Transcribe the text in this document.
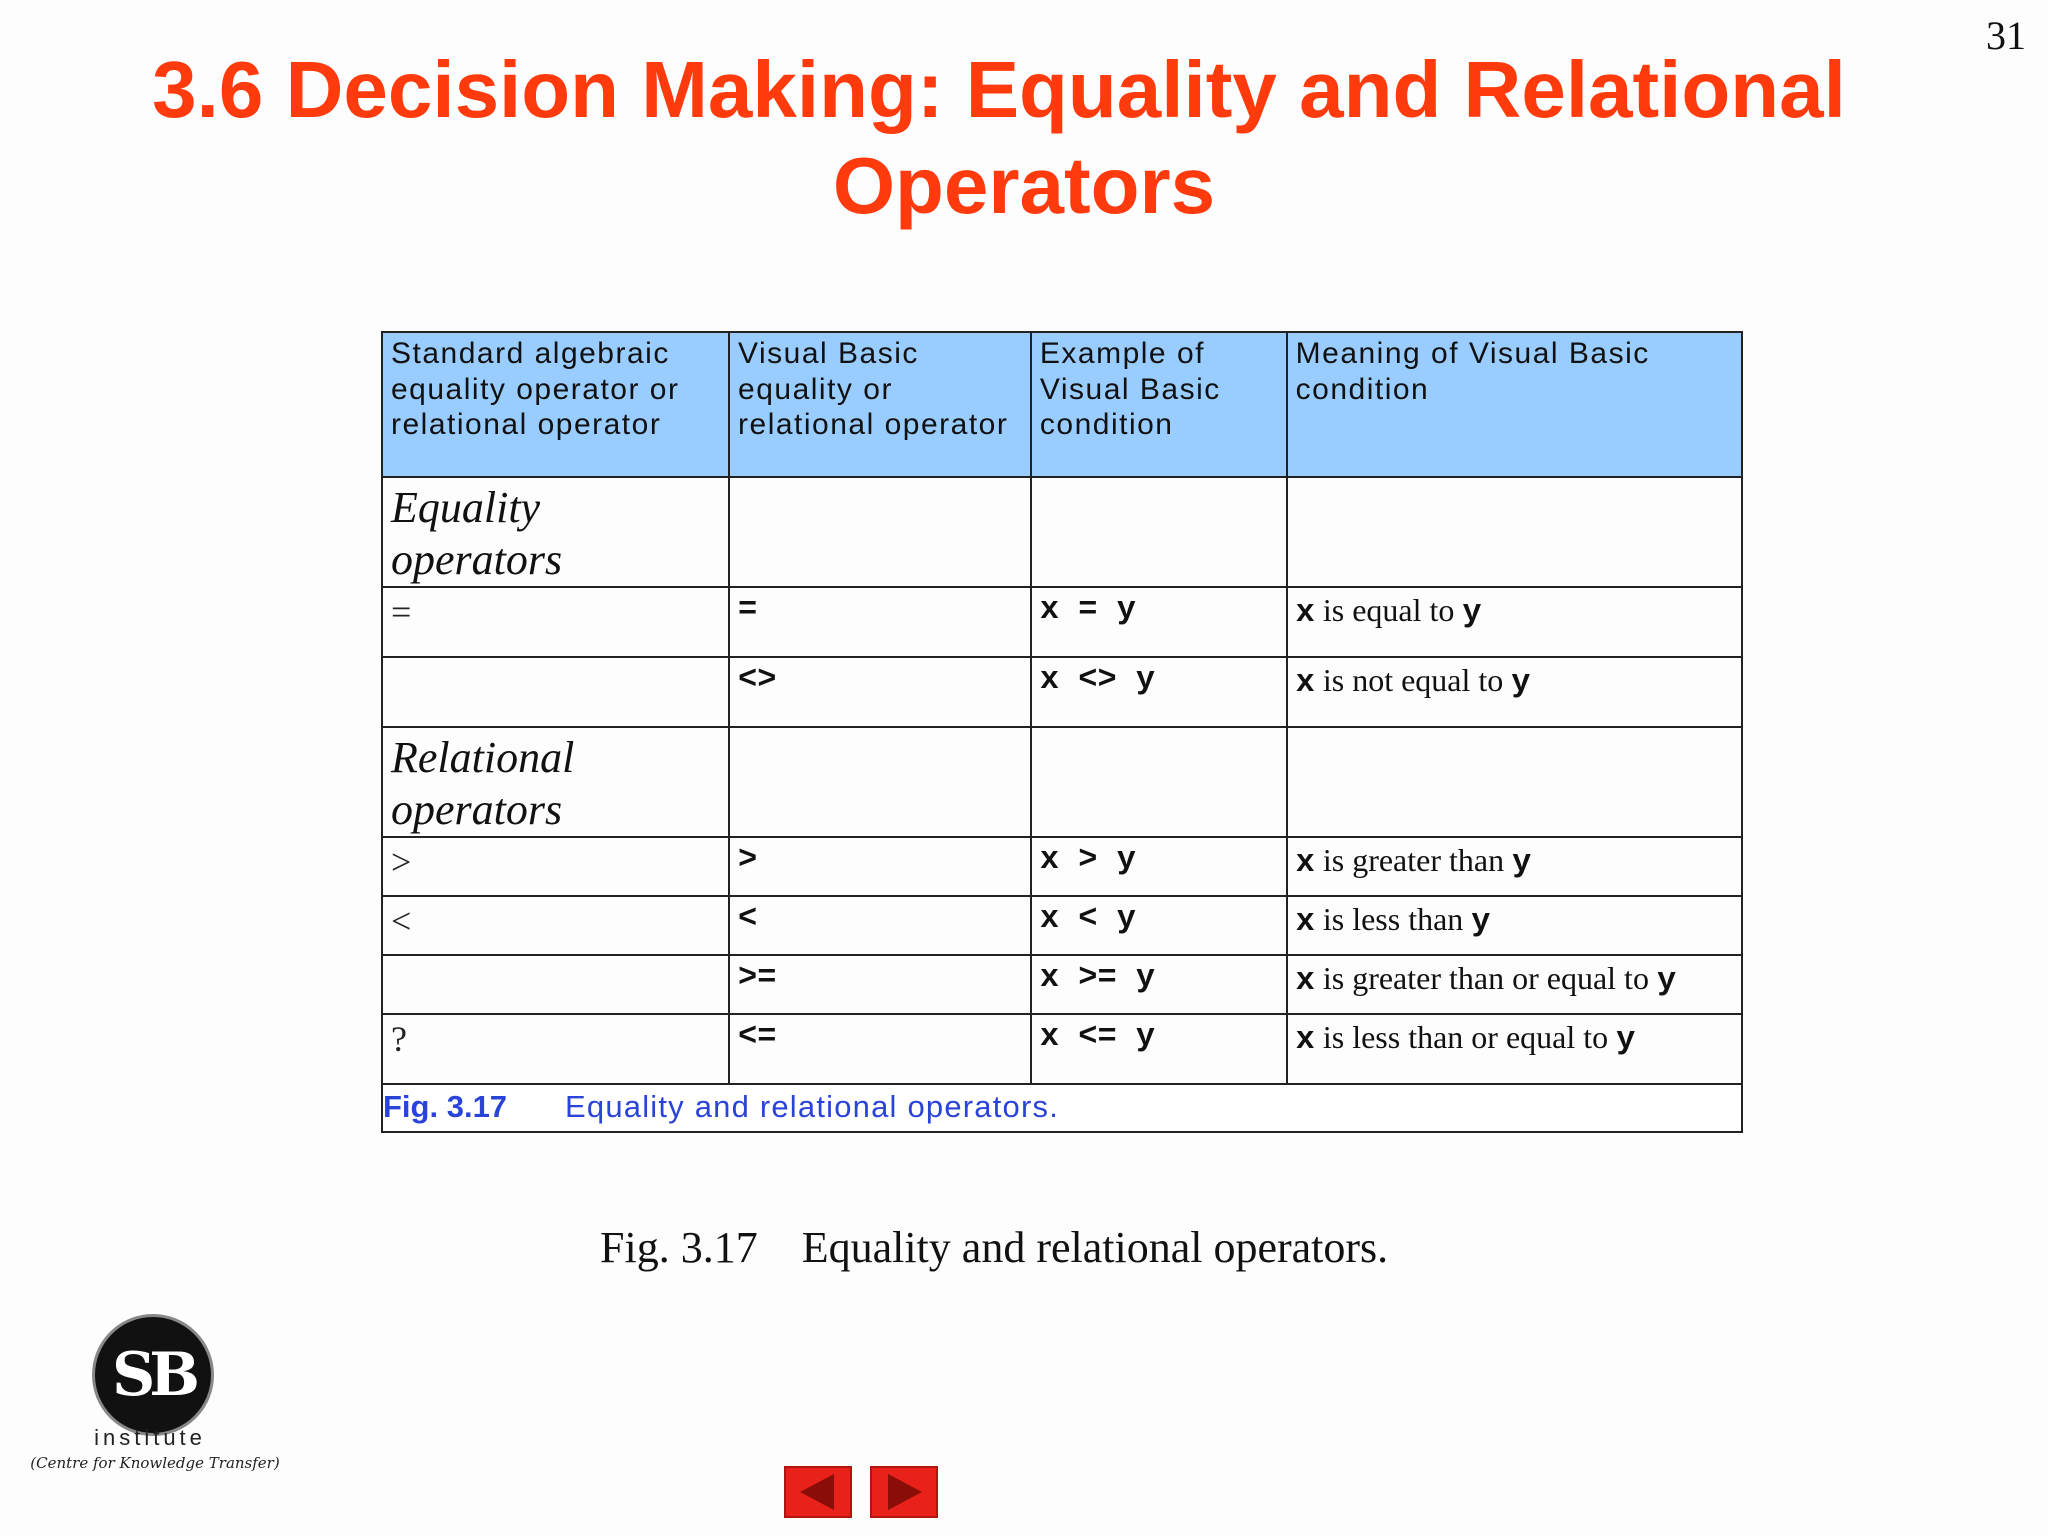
31
3.6 Decision Making: Equality and Relational
Operators
Standard algebraic equality operator or relational operator	Visual Basic equality or relational operator	Example of Visual Basic condition	Meaning of Visual Basic condition
Equality operators			
=	=	x = y	x is equal to y
	<>	x <> y	x is not equal to y
Relational operators			
>	>	x > y	x is greater than y
<	<	x < y	x is less than y
	>=	x >= y	x is greater than or equal to y
?	<=	x <= y	x is less than or equal to y
Fig. 3.17 Equality and relational operators.			
Fig. 3.17 Equality and relational operators.
SB
institute
(Centre for Knowledge Transfer)
